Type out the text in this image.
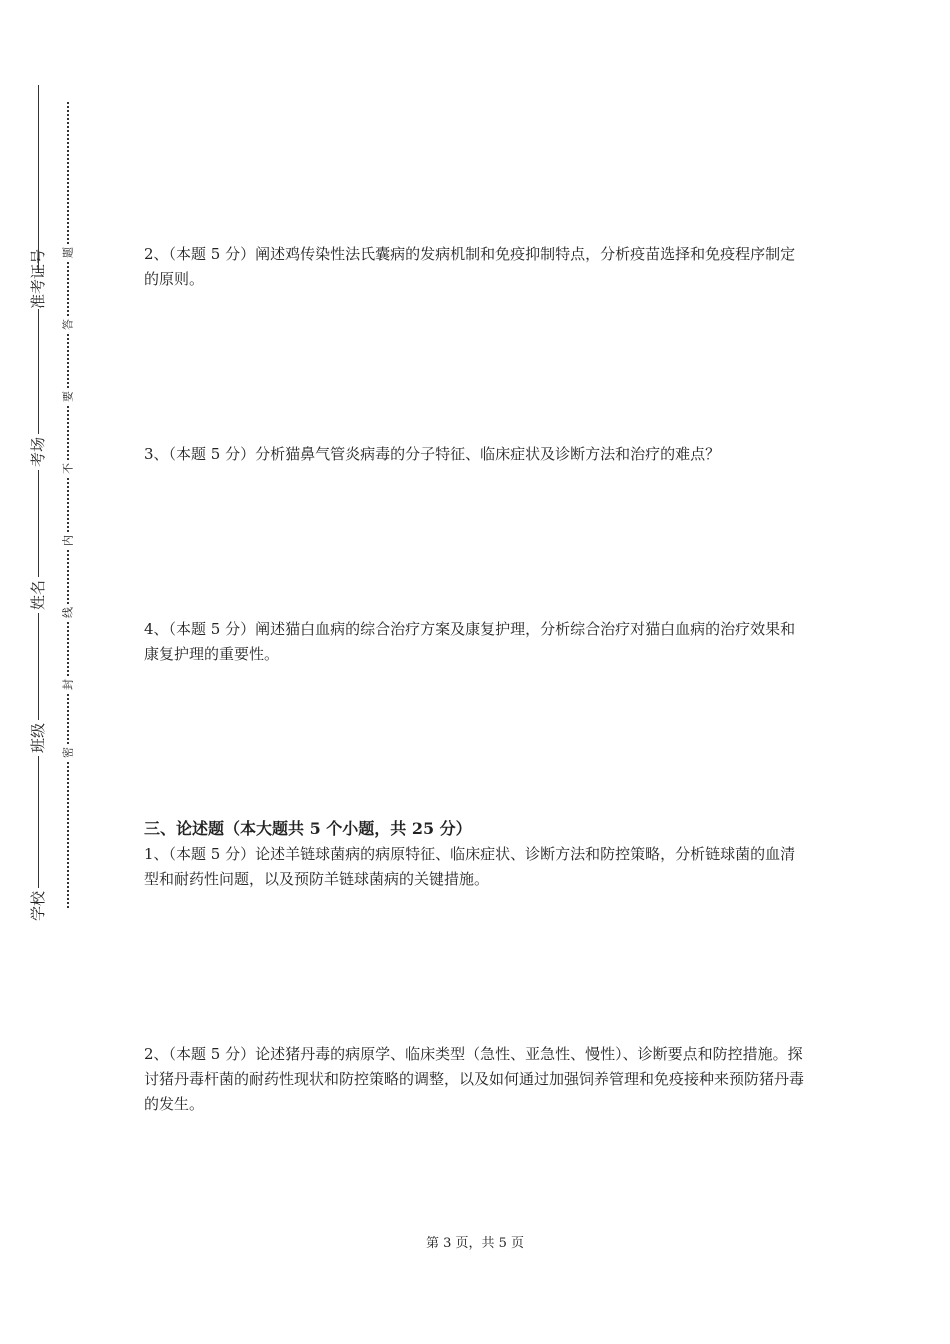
准考证号
考场
姓名
班级
学校
题
答
要
不
内
线
封
密

2、（本题 5 分）阐述鸡传染性法氏囊病的发病机制和免疫抑制特点，分析疫苗选择和免疫程序制定的原则。

3、（本题 5 分）分析猫鼻气管炎病毒的分子特征、临床症状及诊断方法和治疗的难点？

4、（本题 5 分）阐述猫白血病的综合治疗方案及康复护理，分析综合治疗对猫白血病的治疗效果和康复护理的重要性。

三、论述题（本大题共 5 个小题，共 25 分）

1、（本题 5 分）论述羊链球菌病的病原特征、临床症状、诊断方法和防控策略，分析链球菌的血清型和耐药性问题，以及预防羊链球菌病的关键措施。

2、（本题 5 分）论述猪丹毒的病原学、临床类型（急性、亚急性、慢性）、诊断要点和防控措施。探讨猪丹毒杆菌的耐药性现状和防控策略的调整，以及如何通过加强饲养管理和免疫接种来预防猪丹毒的发生。

第 3 页，共 5 页
